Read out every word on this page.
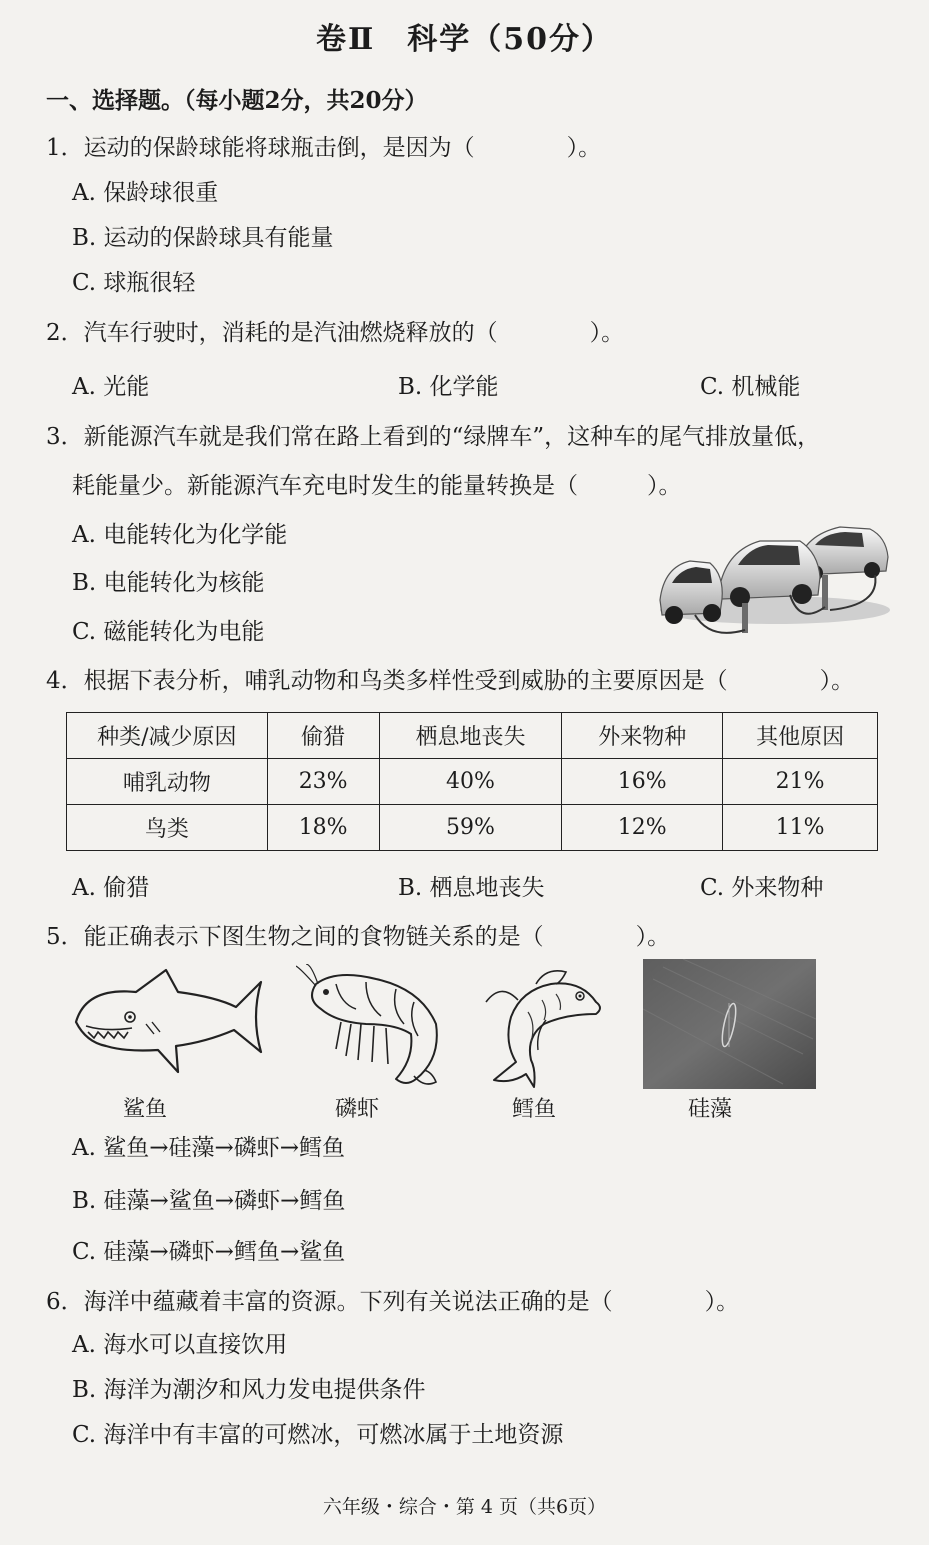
卷Ⅱ　科学（50分）
一、选择题。（每小题2分，共20分）
1．运动的保龄球能将球瓶击倒，是因为（　　　　）。
A. 保龄球很重
B. 运动的保龄球具有能量
C. 球瓶很轻
2．汽车行驶时，消耗的是汽油燃烧释放的（　　　　）。
A. 光能	B. 化学能	C. 机械能
3．新能源汽车就是我们常在路上看到的“绿牌车”，这种车的尾气排放量低，
耗能量少。新能源汽车充电时发生的能量转换是（　　　）。
A. 电能转化为化学能
B. 电能转化为核能
C. 磁能转化为电能
4．根据下表分析，哺乳动物和鸟类多样性受到威胁的主要原因是（　　　　）。
种类/减少原因	偷猎	栖息地丧失	外来物种	其他原因
哺乳动物	23%	40%	16%	21%
鸟类	18%	59%	12%	11%
A. 偷猎	B. 栖息地丧失	C. 外来物种
5．能正确表示下图生物之间的食物链关系的是（　　　　）。
鲨鱼	磷虾	鳕鱼	硅藻
A. 鲨鱼→硅藻→磷虾→鳕鱼
B. 硅藻→鲨鱼→磷虾→鳕鱼
C. 硅藻→磷虾→鳕鱼→鲨鱼
6．海洋中蕴藏着丰富的资源。下列有关说法正确的是（　　　　）。
A. 海水可以直接饮用
B. 海洋为潮汐和风力发电提供条件
C. 海洋中有丰富的可燃冰，可燃冰属于土地资源
六年级・综合・第 4 页（共6页）
